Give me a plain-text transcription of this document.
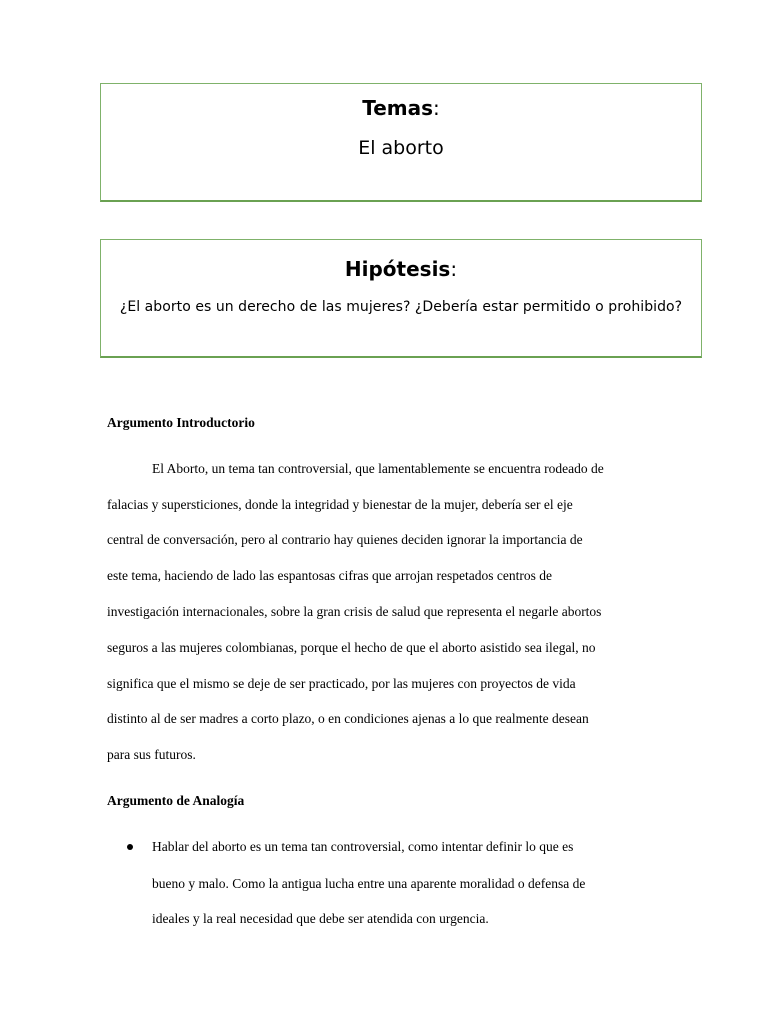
Temas:
El aborto
Hipótesis:
¿El aborto es un derecho de las mujeres? ¿Debería estar permitido o prohibido?
Argumento Introductorio
El Aborto, un tema tan controversial, que lamentablemente se encuentra rodeado de
falacias y supersticiones, donde la integridad y bienestar de la mujer, debería ser el eje
central de conversación, pero al contrario hay quienes deciden ignorar la importancia de
este tema, haciendo de lado las espantosas cifras que arrojan respetados centros de
investigación internacionales, sobre la gran crisis de salud que representa el negarle abortos
seguros a las mujeres colombianas, porque el hecho de que el aborto asistido sea ilegal, no
significa que el mismo se deje de ser practicado, por las mujeres con proyectos de vida
distinto al de ser madres a corto plazo, o en condiciones ajenas a lo que realmente desean
para sus futuros.
Argumento de Analogía
Hablar del aborto es un tema tan controversial, como intentar definir lo que es
bueno y malo. Como la antigua lucha entre una aparente moralidad o defensa de
ideales y la real necesidad que debe ser atendida con urgencia.
